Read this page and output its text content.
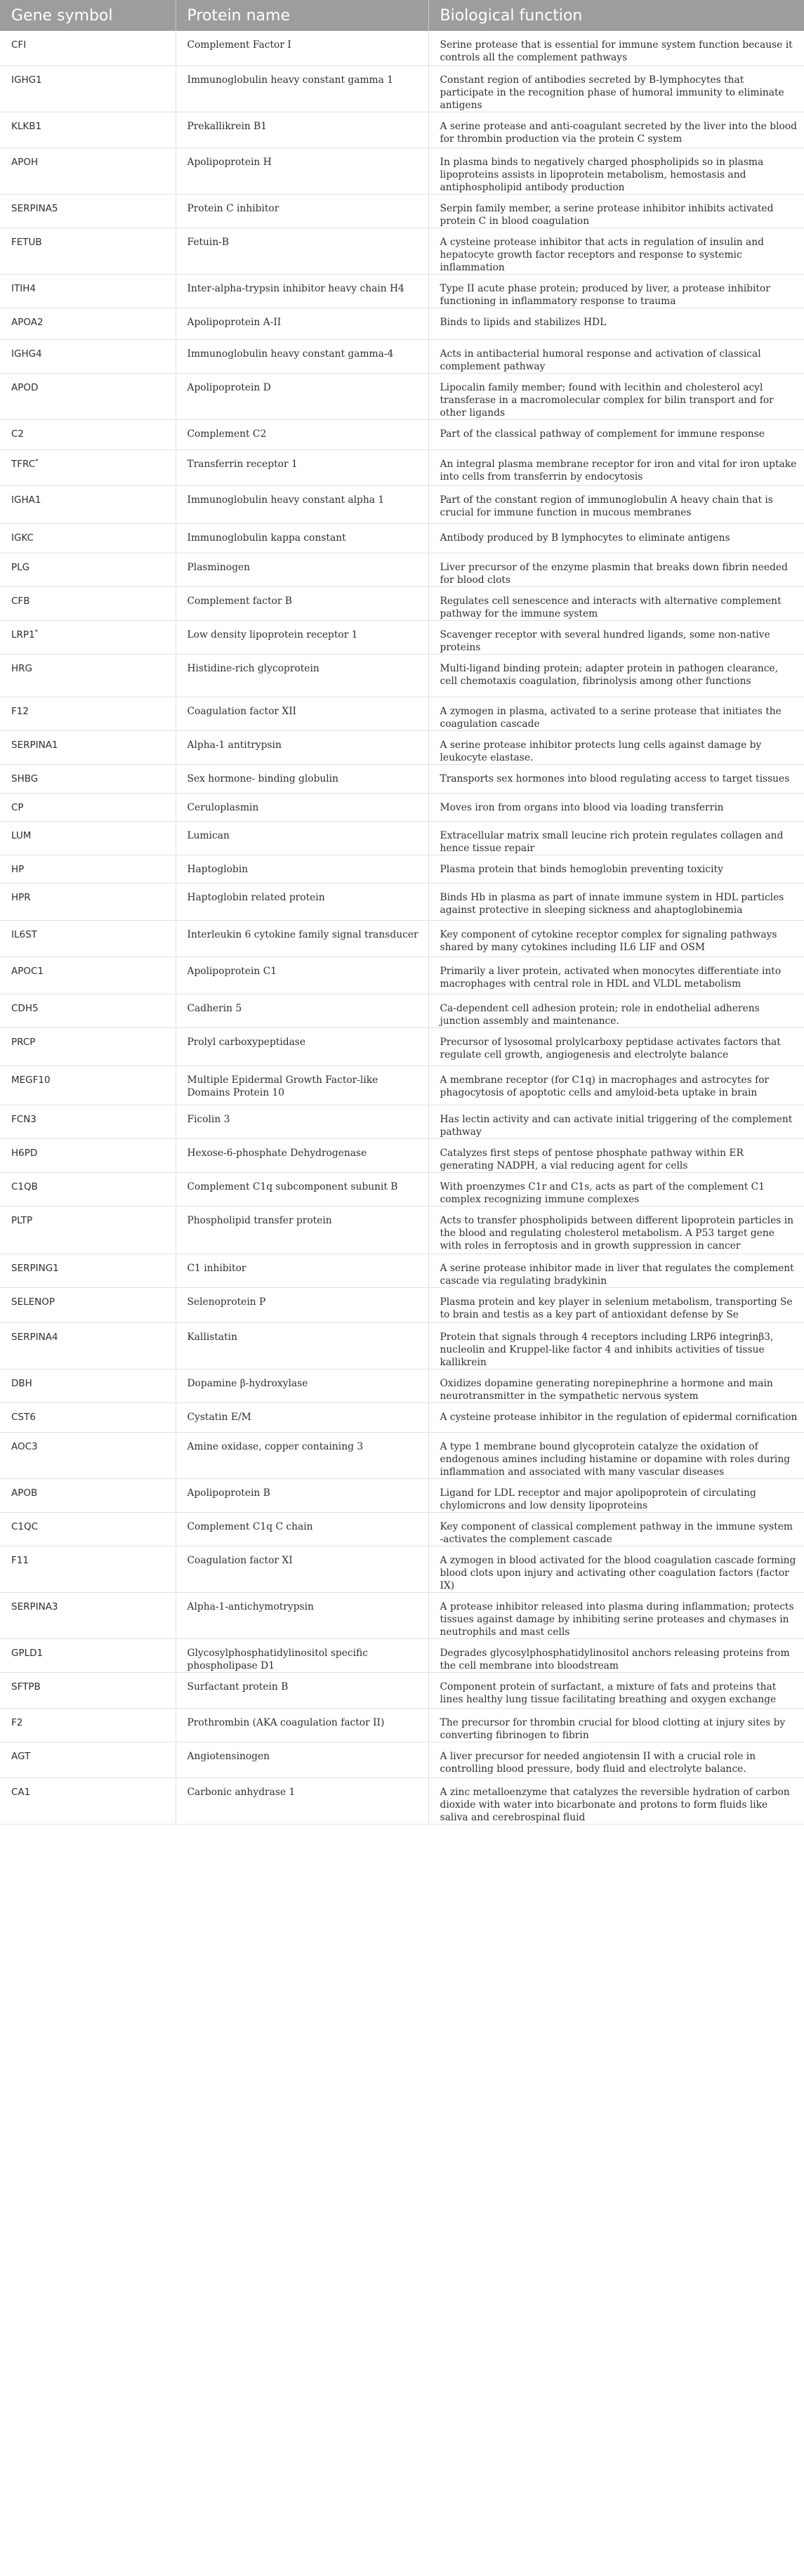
Gene symbol	Protein name	Biological function
CFI	Complement Factor I	Serine protease that is essential for immune system function because it controls all the complement pathways
IGHG1	Immunoglobulin heavy constant gamma 1	Constant region of antibodies secreted by B-lymphocytes that participate in the recognition phase of humoral immunity to eliminate antigens
KLKB1	Prekallikrein B1	A serine protease and anti-coagulant secreted by the liver into the blood for thrombin production via the protein C system
APOH	Apolipoprotein H	In plasma binds to negatively charged phospholipids so in plasma lipoproteins assists in lipoprotein metabolism, hemostasis and antiphospholipid antibody production
SERPINA5	Protein C inhibitor	Serpin family member, a serine protease inhibitor inhibits activated protein C in blood coagulation
FETUB	Fetuin-B	A cysteine protease inhibitor that acts in regulation of insulin and hepatocyte growth factor receptors and response to systemic inflammation
ITIH4	Inter-alpha-trypsin inhibitor heavy chain H4	Type II acute phase protein; produced by liver, a protease inhibitor functioning in inflammatory response to trauma
APOA2	Apolipoprotein A-II	Binds to lipids and stabilizes HDL
IGHG4	Immunoglobulin heavy constant gamma-4	Acts in antibacterial humoral response and activation of classical complement pathway
APOD	Apolipoprotein D	Lipocalin family member; found with lecithin and cholesterol acyl transferase in a macromolecular complex for bilin transport and for other ligands
C2	Complement C2	Part of the classical pathway of complement for immune response
TFRC*	Transferrin receptor 1	An integral plasma membrane receptor for iron and vital for iron uptake into cells from transferrin by endocytosis
IGHA1	Immunoglobulin heavy constant alpha 1	Part of the constant region of immunoglobulin A heavy chain that is crucial for immune function in mucous membranes
IGKC	Immunoglobulin kappa constant	Antibody produced by B lymphocytes to eliminate antigens
PLG	Plasminogen	Liver precursor of the enzyme plasmin that breaks down fibrin needed for blood clots
CFB	Complement factor B	Regulates cell senescence and interacts with alternative complement pathway for the immune system
LRP1*	Low density lipoprotein receptor 1	Scavenger receptor with several hundred ligands, some non-native proteins
HRG	Histidine-rich glycoprotein	Multi-ligand binding protein; adapter protein in pathogen clearance, cell chemotaxis coagulation, fibrinolysis among other functions
F12	Coagulation factor XII	A zymogen in plasma, activated to a serine protease that initiates the coagulation cascade
SERPINA1	Alpha-1 antitrypsin	A serine protease inhibitor protects lung cells against damage by leukocyte elastase.
SHBG	Sex hormone- binding globulin	Transports sex hormones into blood regulating access to target tissues
CP	Ceruloplasmin	Moves iron from organs into blood via loading transferrin
LUM	Lumican	Extracellular matrix small leucine rich protein regulates collagen and hence tissue repair
HP	Haptoglobin	Plasma protein that binds hemoglobin preventing toxicity
HPR	Haptoglobin related protein	Binds Hb in plasma as part of innate immune system in HDL particles against protective in sleeping sickness and ahaptoglobinemia
IL6ST	Interleukin 6 cytokine family signal transducer	Key component of cytokine receptor complex for signaling pathways shared by many cytokines including IL6 LIF and OSM
APOC1	Apolipoprotein C1	Primarily a liver protein, activated when monocytes differentiate into macrophages with central role in HDL and VLDL metabolism
CDH5	Cadherin 5	Ca-dependent cell adhesion protein; role in endothelial adherens junction assembly and maintenance.
PRCP	Prolyl carboxypeptidase	Precursor of lysosomal prolylcarboxy peptidase activates factors that regulate cell growth, angiogenesis and electrolyte balance
MEGF10	Multiple Epidermal Growth Factor-like Domains Protein 10	A membrane receptor (for C1q) in macrophages and astrocytes for phagocytosis of apoptotic cells and amyloid-beta uptake in brain
FCN3	Ficolin 3	Has lectin activity and can activate initial triggering of the complement pathway
H6PD	Hexose-6-phosphate Dehydrogenase	Catalyzes first steps of pentose phosphate pathway within ER generating NADPH, a vial reducing agent for cells
C1QB	Complement C1q subcomponent subunit B	With proenzymes C1r and C1s, acts as part of the complement C1 complex recognizing immune complexes
PLTP	Phospholipid transfer protein	Acts to transfer phospholipids between different lipoprotein particles in the blood and regulating cholesterol metabolism. A P53 target gene with roles in ferroptosis and in growth suppression in cancer
SERPING1	C1 inhibitor	A serine protease inhibitor made in liver that regulates the complement cascade via regulating bradykinin
SELENOP	Selenoprotein P	Plasma protein and key player in selenium metabolism, transporting Se to brain and testis as a key part of antioxidant defense by Se
SERPINA4	Kallistatin	Protein that signals through 4 receptors including LRP6 integrinβ3, nucleolin and Kruppel-like factor 4 and inhibits activities of tissue kallikrein
DBH	Dopamine β-hydroxylase	Oxidizes dopamine generating norepinephrine a hormone and main neurotransmitter in the sympathetic nervous system
CST6	Cystatin E/M	A cysteine protease inhibitor in the regulation of epidermal cornification
AOC3	Amine oxidase, copper containing 3	A type 1 membrane bound glycoprotein catalyze the oxidation of endogenous amines including histamine or dopamine with roles during inflammation and associated with many vascular diseases
APOB	Apolipoprotein B	Ligand for LDL receptor and major apolipoprotein of circulating chylomicrons and low density lipoproteins
C1QC	Complement C1q C chain	Key component of classical complement pathway in the immune system -activates the complement cascade
F11	Coagulation factor XI	A zymogen in blood activated for the blood coagulation cascade forming blood clots upon injury and activating other coagulation factors (factor IX)
SERPINA3	Alpha-1-antichymotrypsin	A protease inhibitor released into plasma during inflammation; protects tissues against damage by inhibiting serine proteases and chymases in neutrophils and mast cells
GPLD1	Glycosylphosphatidylinositol specific phospholipase D1	Degrades glycosylphosphatidylinositol anchors releasing proteins from the cell membrane into bloodstream
SFTPB	Surfactant protein B	Component protein of surfactant, a mixture of fats and proteins that lines healthy lung tissue facilitating breathing and oxygen exchange
F2	Prothrombin (AKA coagulation factor II)	The precursor for thrombin crucial for blood clotting at injury sites by converting fibrinogen to fibrin
AGT	Angiotensinogen	A liver precursor for needed angiotensin II with a crucial role in controlling blood pressure, body fluid and electrolyte balance.
CA1	Carbonic anhydrase 1	A zinc metalloenzyme that catalyzes the reversible hydration of carbon dioxide with water into bicarbonate and protons to form fluids like saliva and cerebrospinal fluid
